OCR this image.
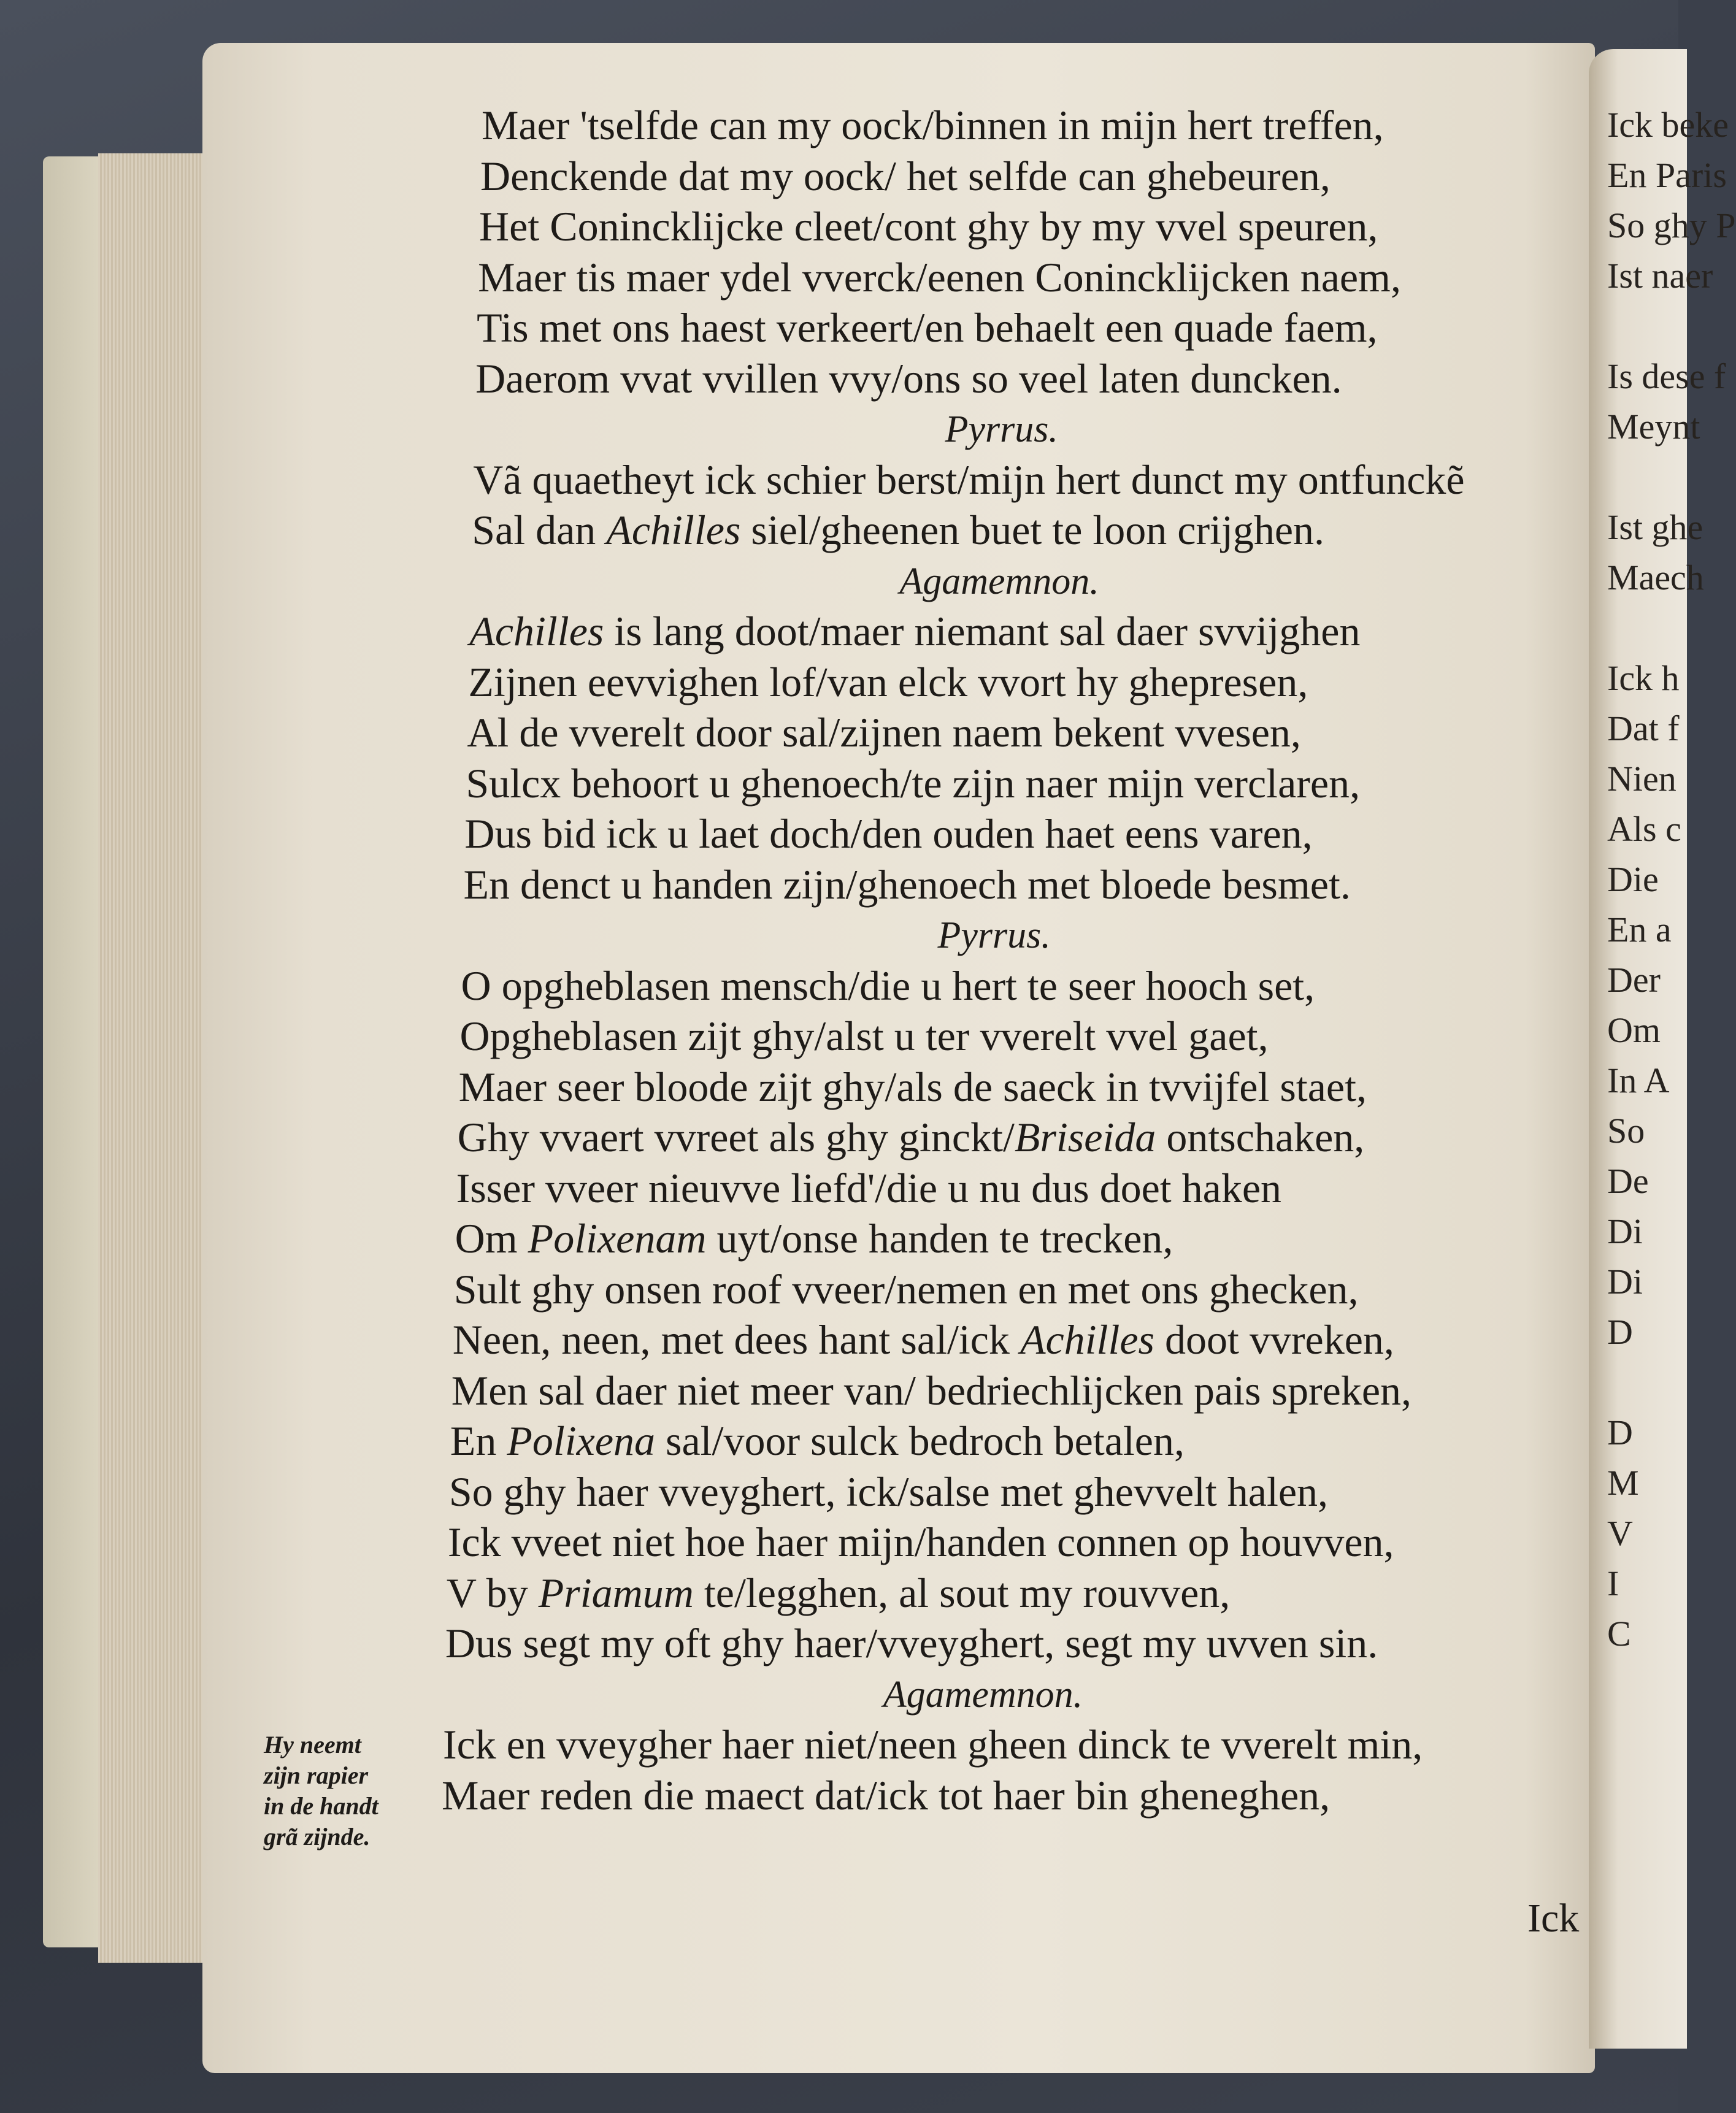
Ick beke
En Paris
So ghy P
Ist naer
Is dese f
Meynt
Ist ghe
Maech
Ick h
Dat f
Nien
Als c
Die
En a
Der
Om
In A
So
De
Di
Di
D
D
M
V
I
C
Maer 'tselfde can my oock/binnen in mijn hert treffen,
Denckende dat my oock/ het selfde can ghebeuren,
Het Coninckliјcke cleet/cont ghy by my vvel speuren,
Maer tis maer ydel vverck/eenen Conincklijcken naem,
Tis met ons haest verkeert/en behaelt een quade faem,
Daerom vvat vvillen vvy/ons so veel laten duncken.
Pyrrus.
Vã quaetheyt ick schier berst/mijn hert dunct my ontfunckẽ
Sal dan Achilles siel/gheenen buet te loon crijghen.
Agamemnon.
Achilles is lang doot/maer niemant sal daer svvijghen
Zijnen eevvighen lof/van elck vvort hy ghepresen,
Al de vverelt door sal/zijnen naem bekent vvesen,
Sulcx behoort u ghenoech/te zijn naer mijn verclaren,
Dus bid ick u laet doch/den ouden haet eens varen,
En denct u handen zijn/ghenoech met bloede besmet.
Pyrrus.
O opgheblasen mensch/die u hert te seer hooch set,
Opgheblasen zijt ghy/alst u ter vverelt vvel gaet,
Maer seer bloode zijt ghy/als de saeck in tvvijfel staet,
Ghy vvaert vvreet als ghy ginckt/Briseida ontschaken,
Isser vveer nieuvve liefd'/die u nu dus doet haken
Om Polixenam uyt/onse handen te trecken,
Sult ghy onsen roof vveer/nemen en met ons ghecken,
Neen, neen, met dees hant sal/ick Achilles doot vvreken,
Men sal daer niet meer van/ bedriechlijcken pais spreken,
En Polixena sal/voor sulck bedroch betalen,
So ghy haer vveyghert, ick/salse met ghevvelt halen,
Ick vveet niet hoe haer mijn/handen connen op houvven,
V by Priamum te/legghen, al sout my rouvven,
Dus segt my oft ghy haer/vveyghert, segt my uvven sin.
Agamemnon.
Ick en vveyghеr haer niet/neen gheen dinck te vverelt min,
Maer reden die maect dat/ick tot haer bin gheneghen,
Hy neemt
zijn rapier
in de handt
grã zijnde.
Ick
